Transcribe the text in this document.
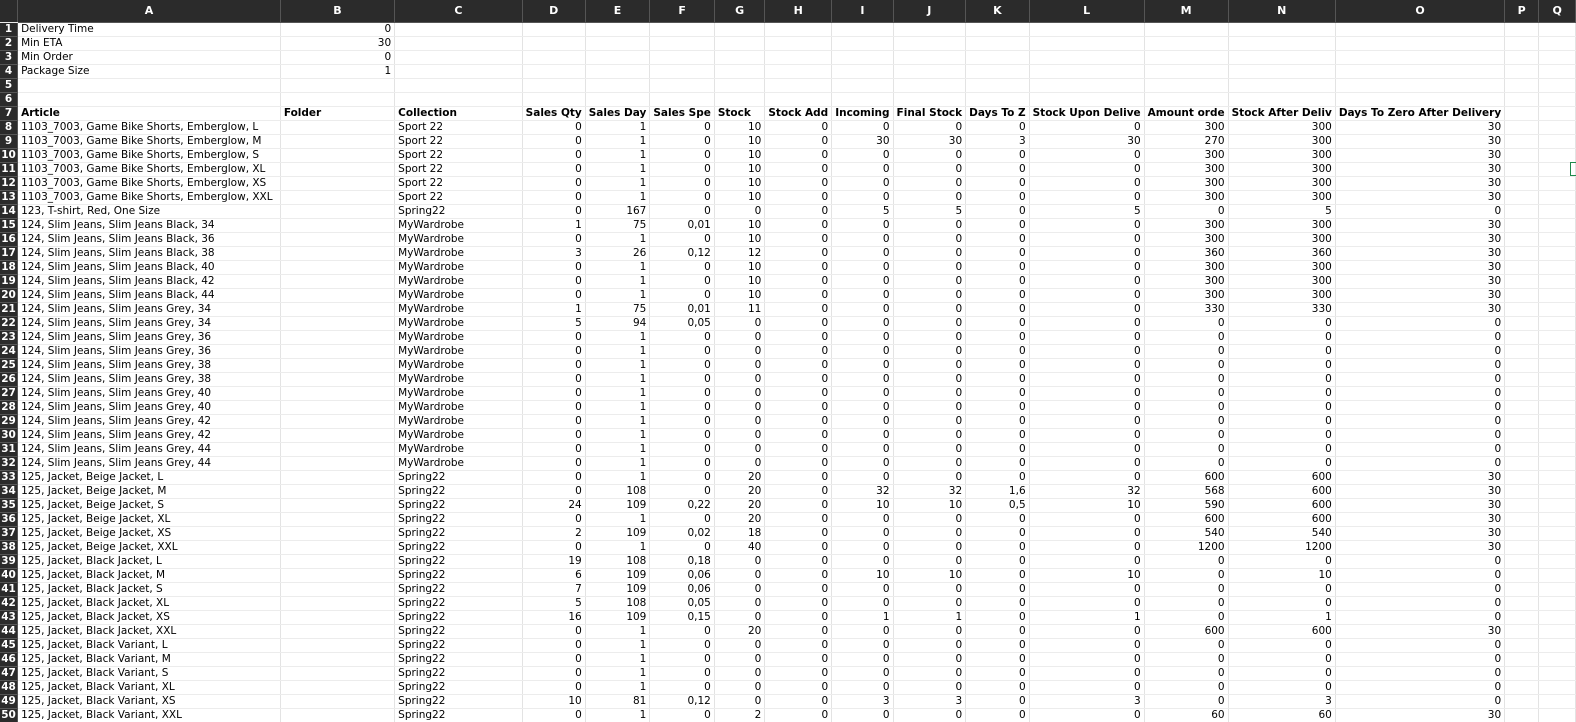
	A	B	C	D	E	F	G	H	I	J	K	L	M	N	O	P	Q
1	Delivery Time	0															
2	Min ETA	30															
3	Min Order	0															
4	Package Size	1															
5																	
6																	
7	Article	Folder	Collection	Sales Qty	Sales Day	Sales Spe	Stock	Stock Add	Incoming	Final Stock	Days To Z	Stock Upon Delive	Amount orde	Stock After Deliv	Days To Zero After Delivery		
8	1103_7003, Game Bike Shorts, Emberglow, L		Sport 22	0	1	0	10	0	0	0	0	0	300	300	30		
9	1103_7003, Game Bike Shorts, Emberglow, M		Sport 22	0	1	0	10	0	30	30	3	30	270	300	30		
10	1103_7003, Game Bike Shorts, Emberglow, S		Sport 22	0	1	0	10	0	0	0	0	0	300	300	30		
11	1103_7003, Game Bike Shorts, Emberglow, XL		Sport 22	0	1	0	10	0	0	0	0	0	300	300	30		
12	1103_7003, Game Bike Shorts, Emberglow, XS		Sport 22	0	1	0	10	0	0	0	0	0	300	300	30		
13	1103_7003, Game Bike Shorts, Emberglow, XXL		Sport 22	0	1	0	10	0	0	0	0	0	300	300	30		
14	123, T-shirt, Red, One Size		Spring22	0	167	0	0	0	5	5	0	5	0	5	0		
15	124, Slim Jeans, Slim Jeans Black, 34		MyWardrobe	1	75	0,01	10	0	0	0	0	0	300	300	30		
16	124, Slim Jeans, Slim Jeans Black, 36		MyWardrobe	0	1	0	10	0	0	0	0	0	300	300	30		
17	124, Slim Jeans, Slim Jeans Black, 38		MyWardrobe	3	26	0,12	12	0	0	0	0	0	360	360	30		
18	124, Slim Jeans, Slim Jeans Black, 40		MyWardrobe	0	1	0	10	0	0	0	0	0	300	300	30		
19	124, Slim Jeans, Slim Jeans Black, 42		MyWardrobe	0	1	0	10	0	0	0	0	0	300	300	30		
20	124, Slim Jeans, Slim Jeans Black, 44		MyWardrobe	0	1	0	10	0	0	0	0	0	300	300	30		
21	124, Slim Jeans, Slim Jeans Grey, 34		MyWardrobe	1	75	0,01	11	0	0	0	0	0	330	330	30		
22	124, Slim Jeans, Slim Jeans Grey, 34		MyWardrobe	5	94	0,05	0	0	0	0	0	0	0	0	0		
23	124, Slim Jeans, Slim Jeans Grey, 36		MyWardrobe	0	1	0	0	0	0	0	0	0	0	0	0		
24	124, Slim Jeans, Slim Jeans Grey, 36		MyWardrobe	0	1	0	0	0	0	0	0	0	0	0	0		
25	124, Slim Jeans, Slim Jeans Grey, 38		MyWardrobe	0	1	0	0	0	0	0	0	0	0	0	0		
26	124, Slim Jeans, Slim Jeans Grey, 38		MyWardrobe	0	1	0	0	0	0	0	0	0	0	0	0		
27	124, Slim Jeans, Slim Jeans Grey, 40		MyWardrobe	0	1	0	0	0	0	0	0	0	0	0	0		
28	124, Slim Jeans, Slim Jeans Grey, 40		MyWardrobe	0	1	0	0	0	0	0	0	0	0	0	0		
29	124, Slim Jeans, Slim Jeans Grey, 42		MyWardrobe	0	1	0	0	0	0	0	0	0	0	0	0		
30	124, Slim Jeans, Slim Jeans Grey, 42		MyWardrobe	0	1	0	0	0	0	0	0	0	0	0	0		
31	124, Slim Jeans, Slim Jeans Grey, 44		MyWardrobe	0	1	0	0	0	0	0	0	0	0	0	0		
32	124, Slim Jeans, Slim Jeans Grey, 44		MyWardrobe	0	1	0	0	0	0	0	0	0	0	0	0		
33	125, Jacket, Beige Jacket, L		Spring22	0	1	0	20	0	0	0	0	0	600	600	30		
34	125, Jacket, Beige Jacket, M		Spring22	0	108	0	20	0	32	32	1,6	32	568	600	30		
35	125, Jacket, Beige Jacket, S		Spring22	24	109	0,22	20	0	10	10	0,5	10	590	600	30		
36	125, Jacket, Beige Jacket, XL		Spring22	0	1	0	20	0	0	0	0	0	600	600	30		
37	125, Jacket, Beige Jacket, XS		Spring22	2	109	0,02	18	0	0	0	0	0	540	540	30		
38	125, Jacket, Beige Jacket, XXL		Spring22	0	1	0	40	0	0	0	0	0	1200	1200	30		
39	125, Jacket, Black Jacket, L		Spring22	19	108	0,18	0	0	0	0	0	0	0	0	0		
40	125, Jacket, Black Jacket, M		Spring22	6	109	0,06	0	0	10	10	0	10	0	10	0		
41	125, Jacket, Black Jacket, S		Spring22	7	109	0,06	0	0	0	0	0	0	0	0	0		
42	125, Jacket, Black Jacket, XL		Spring22	5	108	0,05	0	0	0	0	0	0	0	0	0		
43	125, Jacket, Black Jacket, XS		Spring22	16	109	0,15	0	0	1	1	0	1	0	1	0		
44	125, Jacket, Black Jacket, XXL		Spring22	0	1	0	20	0	0	0	0	0	600	600	30		
45	125, Jacket, Black Variant, L		Spring22	0	1	0	0	0	0	0	0	0	0	0	0		
46	125, Jacket, Black Variant, M		Spring22	0	1	0	0	0	0	0	0	0	0	0	0		
47	125, Jacket, Black Variant, S		Spring22	0	1	0	0	0	0	0	0	0	0	0	0		
48	125, Jacket, Black Variant, XL		Spring22	0	1	0	0	0	0	0	0	0	0	0	0		
49	125, Jacket, Black Variant, XS		Spring22	10	81	0,12	0	0	3	3	0	3	0	3	0		
50	125, Jacket, Black Variant, XXL		Spring22	0	1	0	2	0	0	0	0	0	60	60	30		
